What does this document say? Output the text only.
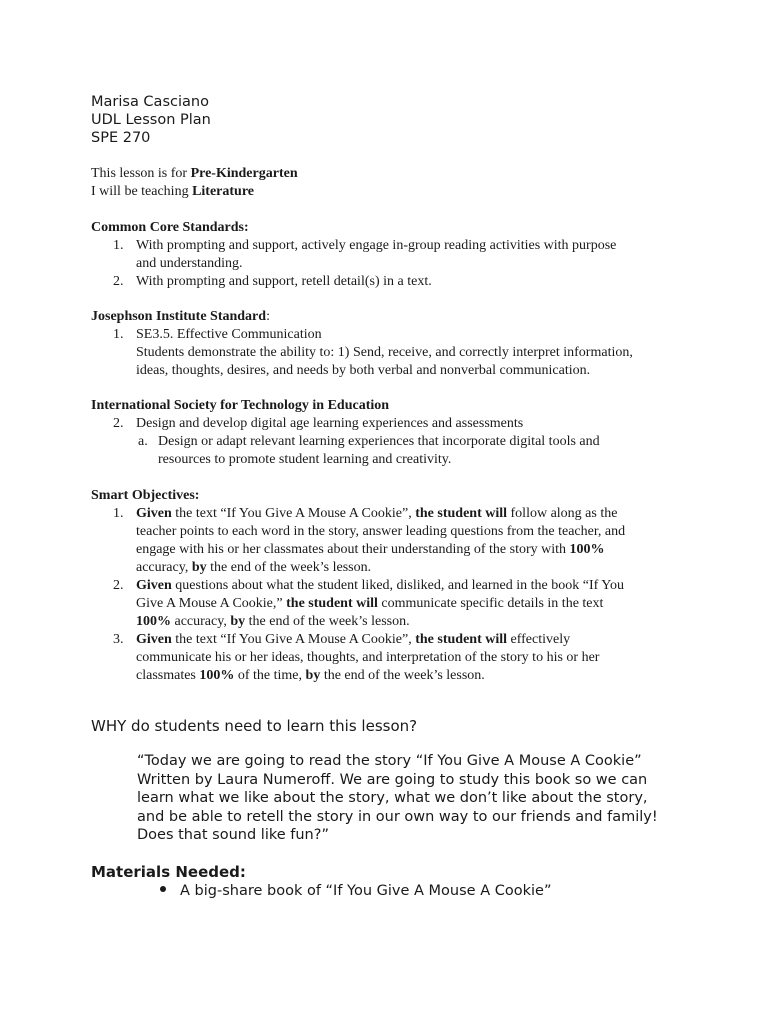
Marisa Casciano
UDL Lesson Plan
SPE 270
This lesson is for Pre-Kindergarten
I will be teaching Literature
Common Core Standards:
1. With prompting and support, actively engage in-group reading activities with purpose
and understanding.
2. With prompting and support, retell detail(s) in a text.
Josephson Institute Standard:
1. SE3.5. Effective Communication
Students demonstrate the ability to: 1) Send, receive, and correctly interpret information,
ideas, thoughts, desires, and needs by both verbal and nonverbal communication.
International Society for Technology in Education
2. Design and develop digital age learning experiences and assessments
a. Design or adapt relevant learning experiences that incorporate digital tools and
resources to promote student learning and creativity.
Smart Objectives:
1. Given the text “If You Give A Mouse A Cookie”, the student will follow along as the
teacher points to each word in the story, answer leading questions from the teacher, and
engage with his or her classmates about their understanding of the story with 100%
accuracy, by the end of the week’s lesson.
2. Given questions about what the student liked, disliked, and learned in the book “If You
Give A Mouse A Cookie,” the student will communicate specific details in the text
100% accuracy, by the end of the week’s lesson.
3. Given the text “If You Give A Mouse A Cookie”, the student will effectively
communicate his or her ideas, thoughts, and interpretation of the story to his or her
classmates 100% of the time, by the end of the week’s lesson.
WHY do students need to learn this lesson?
“Today we are going to read the story “If You Give A Mouse A Cookie”
Written by Laura Numeroff. We are going to study this book so we can
learn what we like about the story, what we don’t like about the story,
and be able to retell the story in our own way to our friends and family!
Does that sound like fun?”
Materials Needed:
A big-share book of “If You Give A Mouse A Cookie”
